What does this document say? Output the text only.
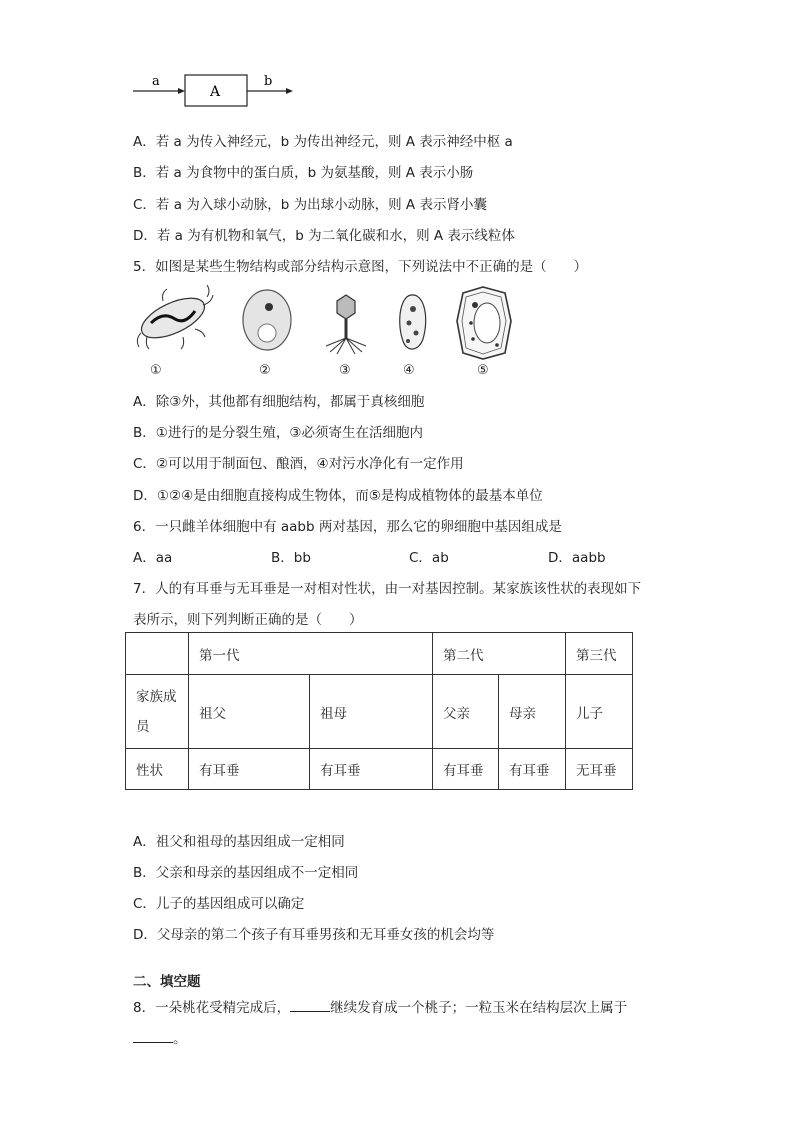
a
A
b
A．若 a 为传入神经元，b 为传出神经元，则 A 表示神经中枢 a
B．若 a 为食物中的蛋白质，b 为氨基酸，则 A 表示小肠
C．若 a 为入球小动脉，b 为出球小动脉，则 A 表示肾小囊
D．若 a 为有机物和氧气，b 为二氧化碳和水，则 A 表示线粒体
5．如图是某些生物结构或部分结构示意图，下列说法中不正确的是（　　）
①	②	③	④	⑤
A．除③外，其他都有细胞结构，都属于真核细胞
B．①进行的是分裂生殖，③必须寄生在活细胞内
C．②可以用于制面包、酿酒，④对污水净化有一定作用
D．①②④是由细胞直接构成生物体，而⑤是构成植物体的最基本单位
6．一只雌羊体细胞中有 aabb 两对基因，那么它的卵细胞中基因组成是
A．aa	B．bb	C．ab	D．aabb
7．人的有耳垂与无耳垂是一对相对性状，由一对基因控制。某家族该性状的表现如下
表所示，则下列判断正确的是（　　）
	第一代		第二代		第三代
家族成
员	祖父	祖母	父亲	母亲	儿子
性状	有耳垂	有耳垂	有耳垂	有耳垂	无耳垂
A．祖父和祖母的基因组成一定相同
B．父亲和母亲的基因组成不一定相同
C．儿子的基因组成可以确定
D．父母亲的第二个孩子有耳垂男孩和无耳垂女孩的机会均等
二、填空题
8．一朵桃花受精完成后，	继续发育成一个桃子；一粒玉米在结构层次上属于
。
